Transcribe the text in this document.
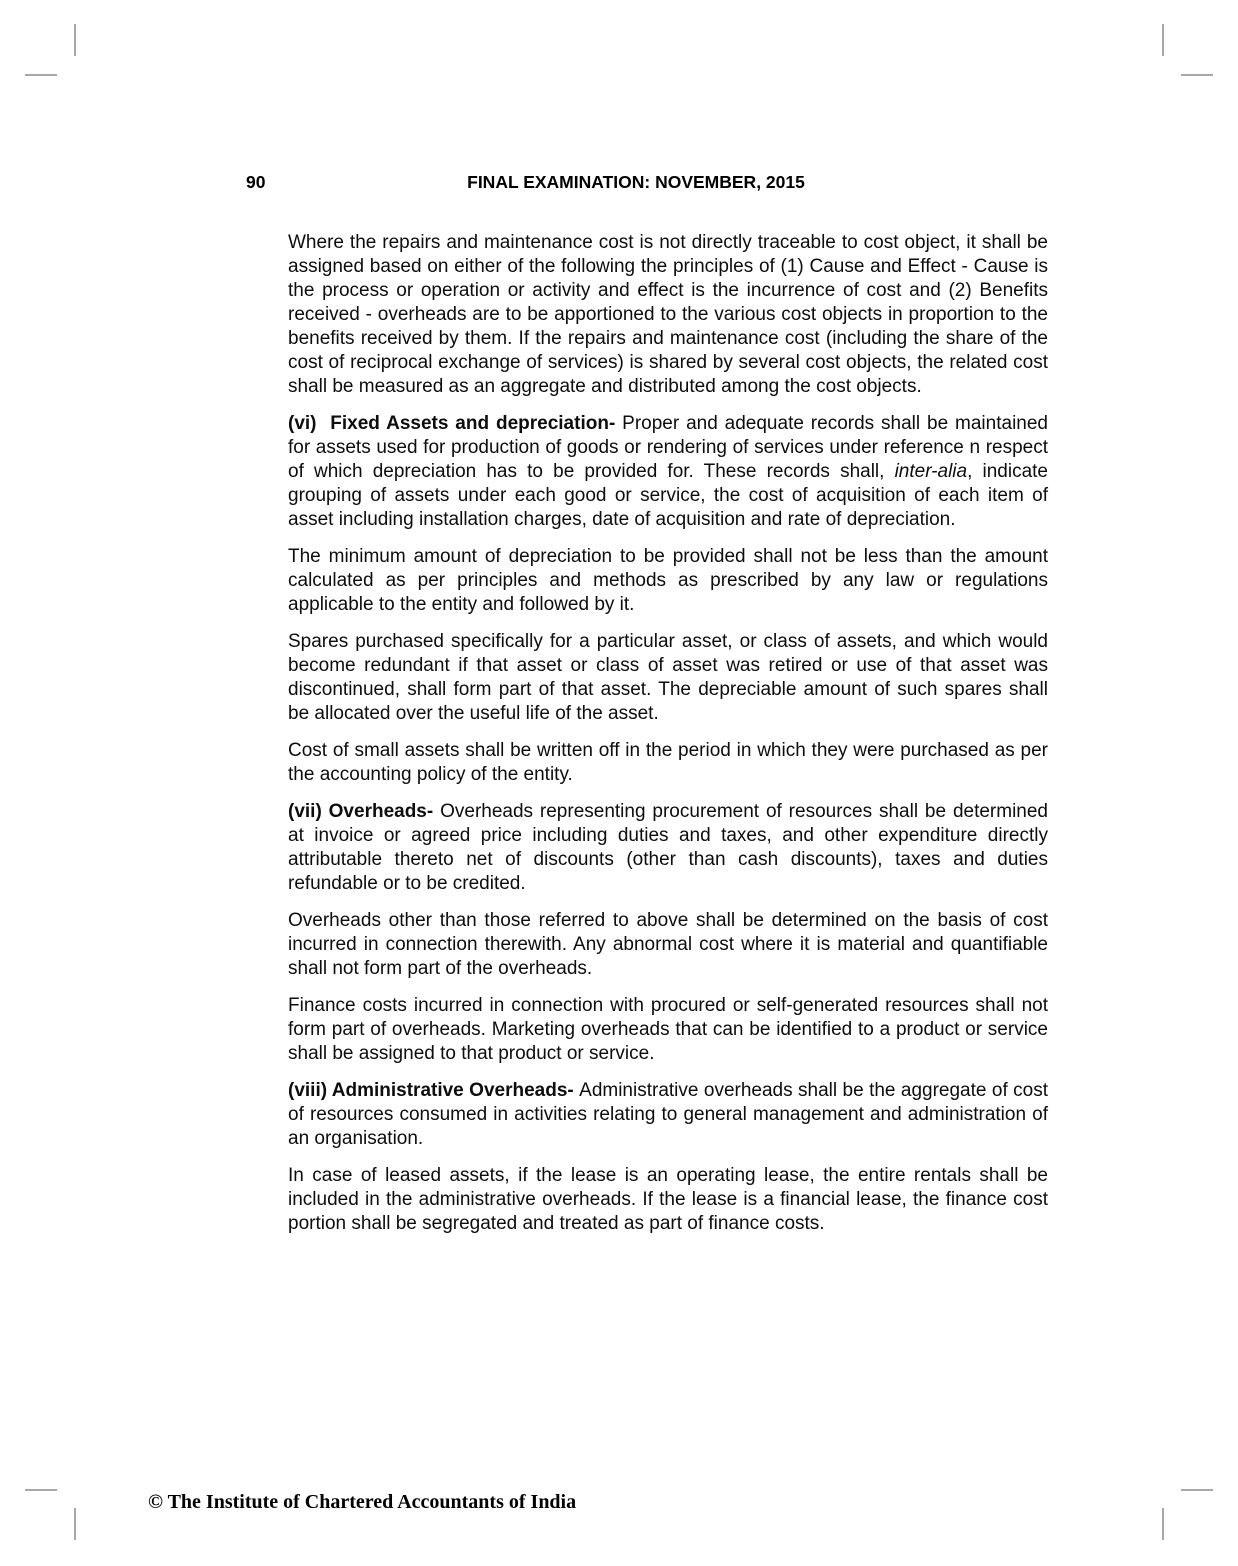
90	FINAL EXAMINATION: NOVEMBER, 2015

Where the repairs and maintenance cost is not directly traceable to cost object, it shall be assigned based on either of the following the principles of (1) Cause and Effect - Cause is the process or operation or activity and effect is the incurrence of cost and (2) Benefits received - overheads are to be apportioned to the various cost objects in proportion to the benefits received by them. If the repairs and maintenance cost (including the share of the cost of reciprocal exchange of services) is shared by several cost objects, the related cost shall be measured as an aggregate and distributed among the cost objects.

(vi)  Fixed Assets and depreciation- Proper and adequate records shall be maintained for assets used for production of goods or rendering of services under reference n respect of which depreciation has to be provided for. These records shall, inter-alia, indicate grouping of assets under each good or service, the cost of acquisition of each item of asset including installation charges, date of acquisition and rate of depreciation.

The minimum amount of depreciation to be provided shall not be less than the amount calculated as per principles and methods as prescribed by any law or regulations applicable to the entity and followed by it.

Spares purchased specifically for a particular asset, or class of assets, and which would become redundant if that asset or class of asset was retired or use of that asset was discontinued, shall form part of that asset. The depreciable amount of such spares shall be allocated over the useful life of the asset.

Cost of small assets shall be written off in the period in which they were purchased as per the accounting policy of the entity.

(vii) Overheads- Overheads representing procurement of resources shall be determined at invoice or agreed price including duties and taxes, and other expenditure directly attributable thereto net of discounts (other than cash discounts), taxes and duties refundable or to be credited.

Overheads other than those referred to above shall be determined on the basis of cost incurred in connection therewith. Any abnormal cost where it is material and quantifiable shall not form part of the overheads.

Finance costs incurred in connection with procured or self-generated resources shall not form part of overheads. Marketing overheads that can be identified to a product or service shall be assigned to that product or service.

(viii) Administrative Overheads- Administrative overheads shall be the aggregate of cost of resources consumed in activities relating to general management and administration of an organisation.

In case of leased assets, if the lease is an operating lease, the entire rentals shall be included in the administrative overheads. If the lease is a financial lease, the finance cost portion shall be segregated and treated as part of finance costs.

© The Institute of Chartered Accountants of India
